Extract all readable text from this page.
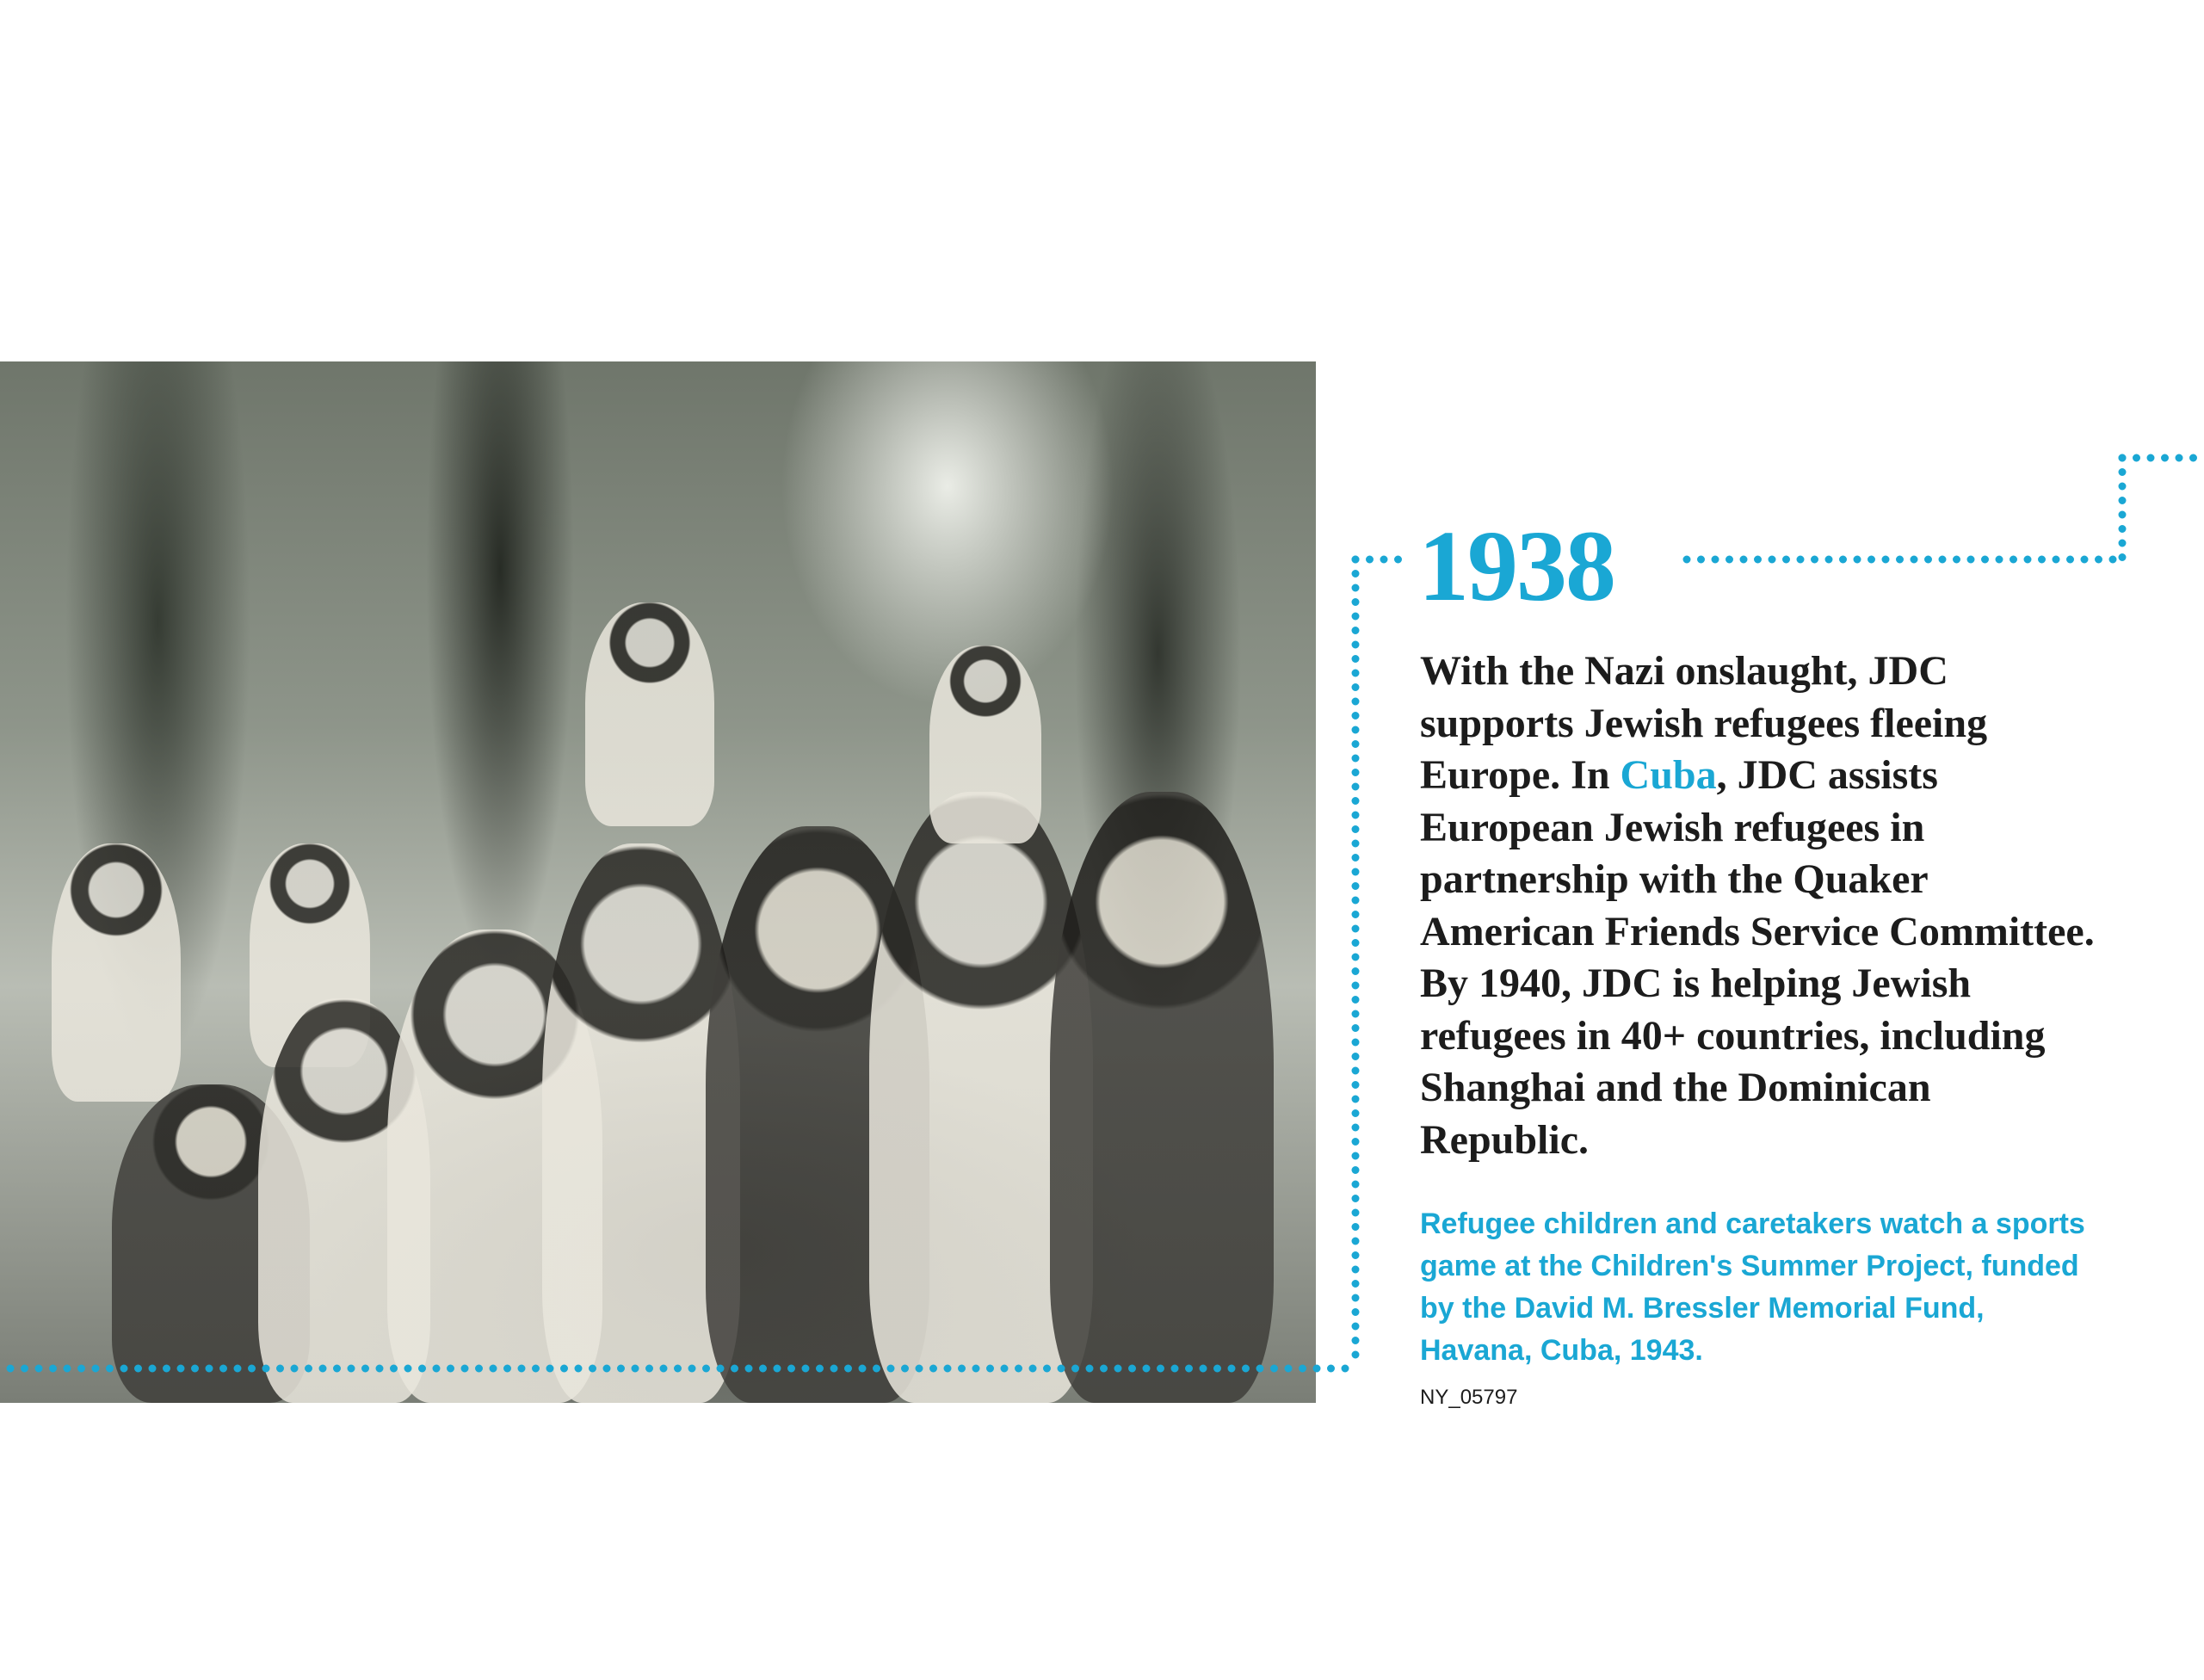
1938
With the Nazi onslaught, JDC supports Jewish refugees fleeing Europe. In Cuba, JDC assists European Jewish refugees in partnership with the Quaker American Friends Service Committee. By 1940, JDC is helping Jewish refugees in 40+ countries, including Shanghai and the Dominican Republic.
Refugee children and caretakers watch a sports game at the Children's Summer Project, funded by the David M. Bressler Memorial Fund, Havana, Cuba, 1943.
NY_05797
